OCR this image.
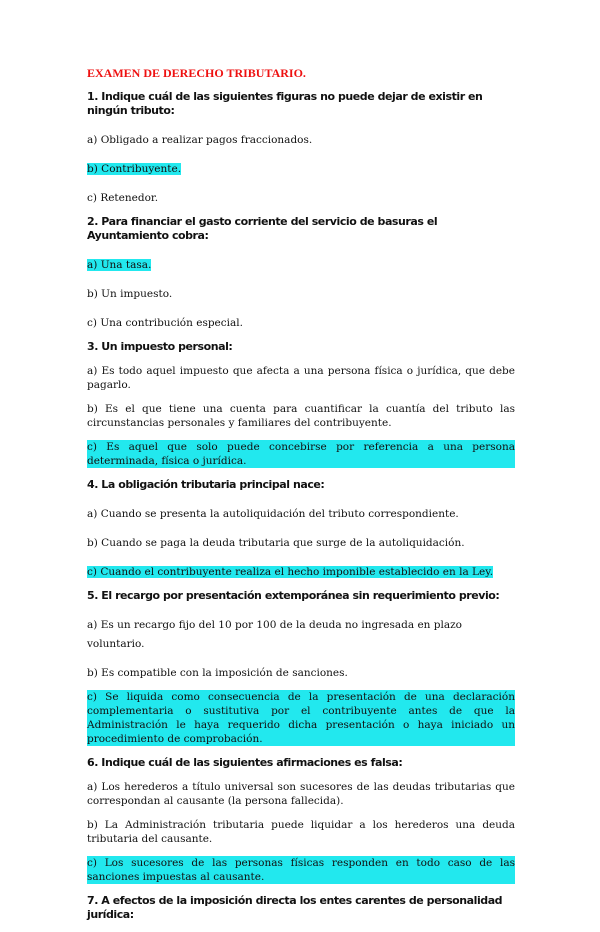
EXAMEN DE DERECHO TRIBUTARIO.
1. Indique cuál de las siguientes figuras no puede dejar de existir en ningún tributo:
a) Obligado a realizar pagos fraccionados.
b) Contribuyente.
c) Retenedor.
2. Para financiar el gasto corriente del servicio de basuras el Ayuntamiento cobra:
a) Una tasa.
b) Un impuesto.
c) Una contribución especial.
3. Un impuesto personal:
a) Es todo aquel impuesto que afecta a una persona física o jurídica, que debe pagarlo.
b) Es el que tiene una cuenta para cuantificar la cuantía del tributo las circunstancias personales y familiares del contribuyente.
c) Es aquel que solo puede concebirse por referencia a una persona determinada, física o jurídica.
4. La obligación tributaria principal nace:
a) Cuando se presenta la autoliquidación del tributo correspondiente.
b) Cuando se paga la deuda tributaria que surge de la autoliquidación.
c) Cuando el contribuyente realiza el hecho imponible establecido en la Ley.
5. El recargo por presentación extemporánea sin requerimiento previo:
a) Es un recargo fijo del 10 por 100 de la deuda no ingresada en plazo voluntario.
b) Es compatible con la imposición de sanciones.
c) Se liquida como consecuencia de la presentación de una declaración complementaria o sustitutiva por el contribuyente antes de que la Administración le haya requerido dicha presentación o haya iniciado un procedimiento de comprobación.
6. Indique cuál de las siguientes afirmaciones es falsa:
a) Los herederos a título universal son sucesores de las deudas tributarias que correspondan al causante (la persona fallecida).
b) La Administración tributaria puede liquidar a los herederos una deuda tributaria del causante.
c) Los sucesores de las personas físicas responden en todo caso de las sanciones impuestas al causante.
7. A efectos de la imposición directa los entes carentes de personalidad jurídica:
